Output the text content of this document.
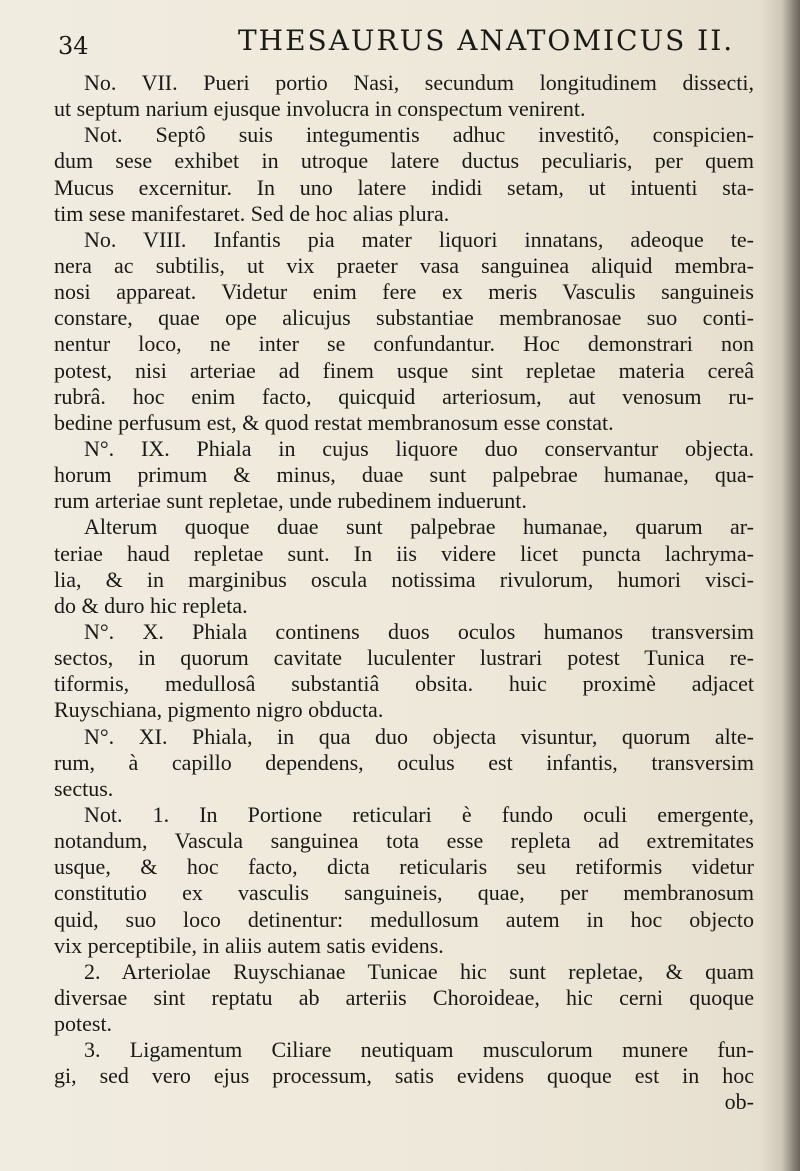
34	THESAURUS ANATOMICUS II.
No. VII. Pueri portio Nasi, secundum longitudinem dissecti,
ut septum narium ejusque involucra in conspectum venirent.
Not. Septô suis integumentis adhuc investitô, conspicien-
dum sese exhibet in utroque latere ductus peculiaris, per quem
Mucus excernitur. In uno latere indidi setam, ut intuenti sta-
tim sese manifestaret. Sed de hoc alias plura.
No. VIII. Infantis pia mater liquori innatans, adeoque te-
nera ac subtilis, ut vix praeter vasa sanguinea aliquid membra-
nosi appareat. Videtur enim fere ex meris Vasculis sanguineis
constare, quae ope alicujus substantiae membranosae suo conti-
nentur loco, ne inter se confundantur. Hoc demonstrari non
potest, nisi arteriae ad finem usque sint repletae materia cereâ
rubrâ. hoc enim facto, quicquid arteriosum, aut venosum ru-
bedine perfusum est, & quod restat membranosum esse constat.
N°. IX. Phiala in cujus liquore duo conservantur objecta.
horum primum & minus, duae sunt palpebrae humanae, qua-
rum arteriae sunt repletae, unde rubedinem induerunt.
Alterum quoque duae sunt palpebrae humanae, quarum ar-
teriae haud repletae sunt. In iis videre licet puncta lachryma-
lia, & in marginibus osculа notissima rivulorum, humori visci-
do & duro hic repleta.
N°. X. Phiala continens duos oculos humanos transversim
sectos, in quorum cavitate luculenter lustrari potest Tunica re-
tiformis, medullosâ substantiâ obsita. huic proximè adjacet
Ruyschiana, pigmento nigro obducta.
N°. XI. Phiala, in qua duo objecta visuntur, quorum alte-
rum, à capillo dependens, oculus est infantis, transversim
sectus.
Not. 1. In Portione reticulari è fundo oculi emergente,
notandum, Vascula sanguinea tota esse repleta ad extremitates
usque, & hoc facto, dicta reticularis seu retiformis videtur
constitutio ex vasculis sanguineis, quae, per membranosum
quid, suo loco detinentur: medullosum autem in hoc objecto
vix perceptibile, in aliis autem satis evidens.
2. Arteriolae Ruyschianae Tunicae hic sunt repletae, & quam
diversae sint reptatu ab arteriis Choroideae, hic cerni quoque
potest.
3. Ligamentum Ciliare neutiquam musculorum munere fun-
gi, sed vero ejus processum, satis evidens quoque est in hoc
ob-
